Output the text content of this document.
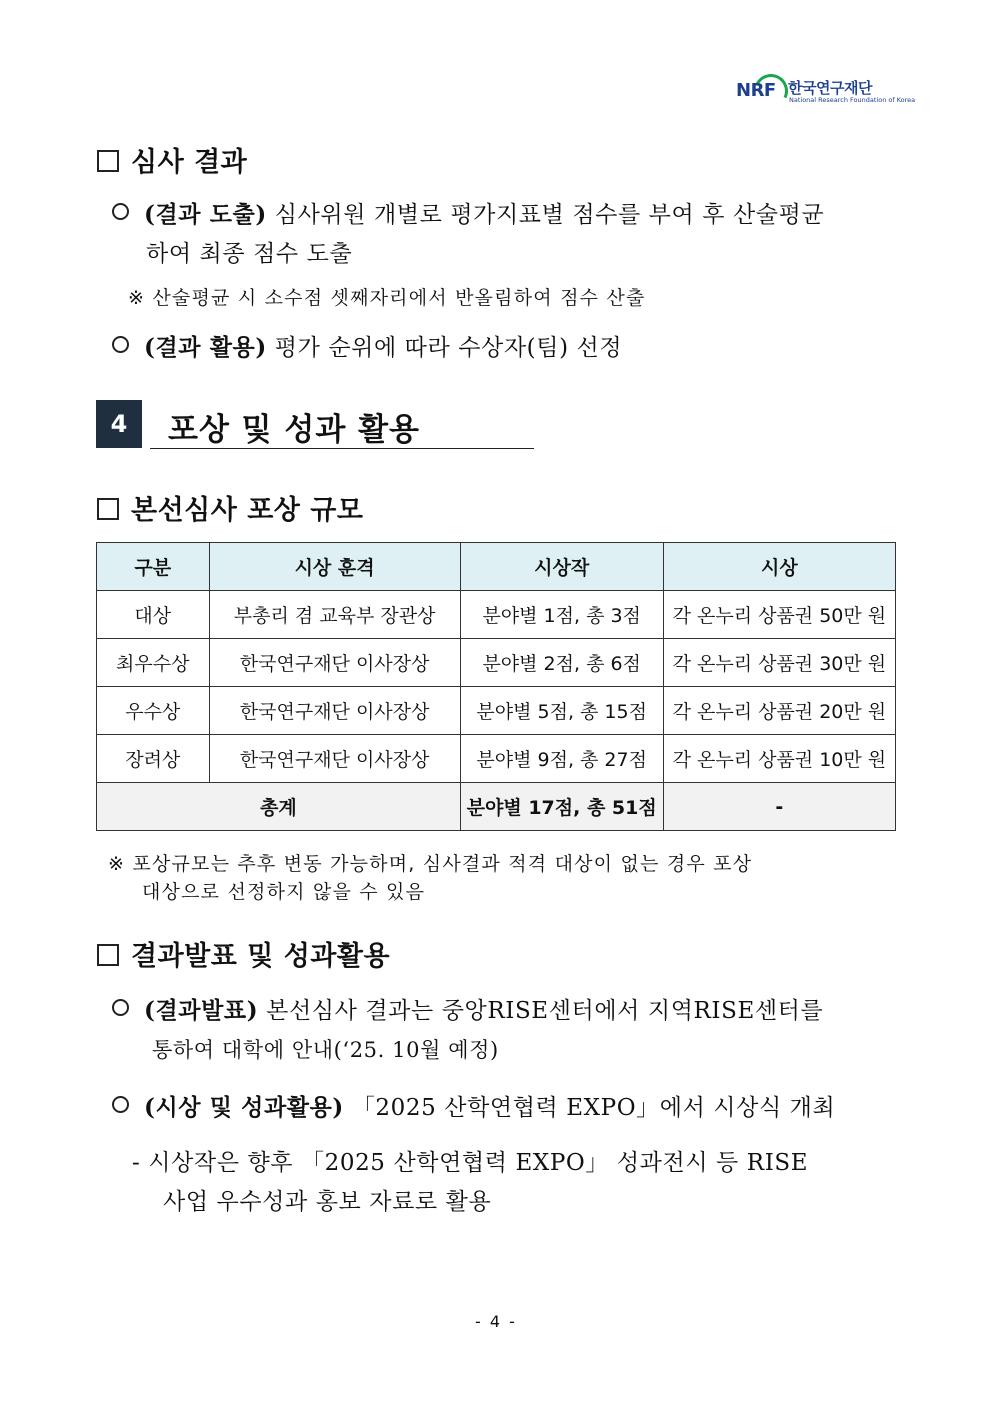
NRF 한국연구재단
National Research Foundation of Korea
심사 결과
(결과 도출) 심사위원 개별로 평가지표별 점수를 부여 후 산술평균
하여 최종 점수 도출
※ 산술평균 시 소수점 셋째자리에서 반올림하여 점수 산출
(결과 활용) 평가 순위에 따라 수상자(팀) 선정
4	포상 및 성과 활용
본선심사 포상 규모
구분	시상 훈격	시상작	시상
대상	부총리 겸 교육부 장관상	분야별 1점, 총 3점	각 온누리 상품권 50만 원
최우수상	한국연구재단 이사장상	분야별 2점, 총 6점	각 온누리 상품권 30만 원
우수상	한국연구재단 이사장상	분야별 5점, 총 15점	각 온누리 상품권 20만 원
장려상	한국연구재단 이사장상	분야별 9점, 총 27점	각 온누리 상품권 10만 원
총계		분야별 17점, 총 51점	-
※ 포상규모는 추후 변동 가능하며, 심사결과 적격 대상이 없는 경우 포상
대상으로 선정하지 않을 수 있음
결과발표 및 성과활용
(결과발표) 본선심사 결과는 중앙RISE센터에서 지역RISE센터를
통하여 대학에 안내(‘25. 10월 예정)
(시상 및 성과활용) 「2025 산학연협력 EXPO」에서 시상식 개최
- 시상작은 향후 「2025 산학연협력 EXPO」 성과전시 등 RISE
사업 우수성과 홍보 자료로 활용
- 4 -
